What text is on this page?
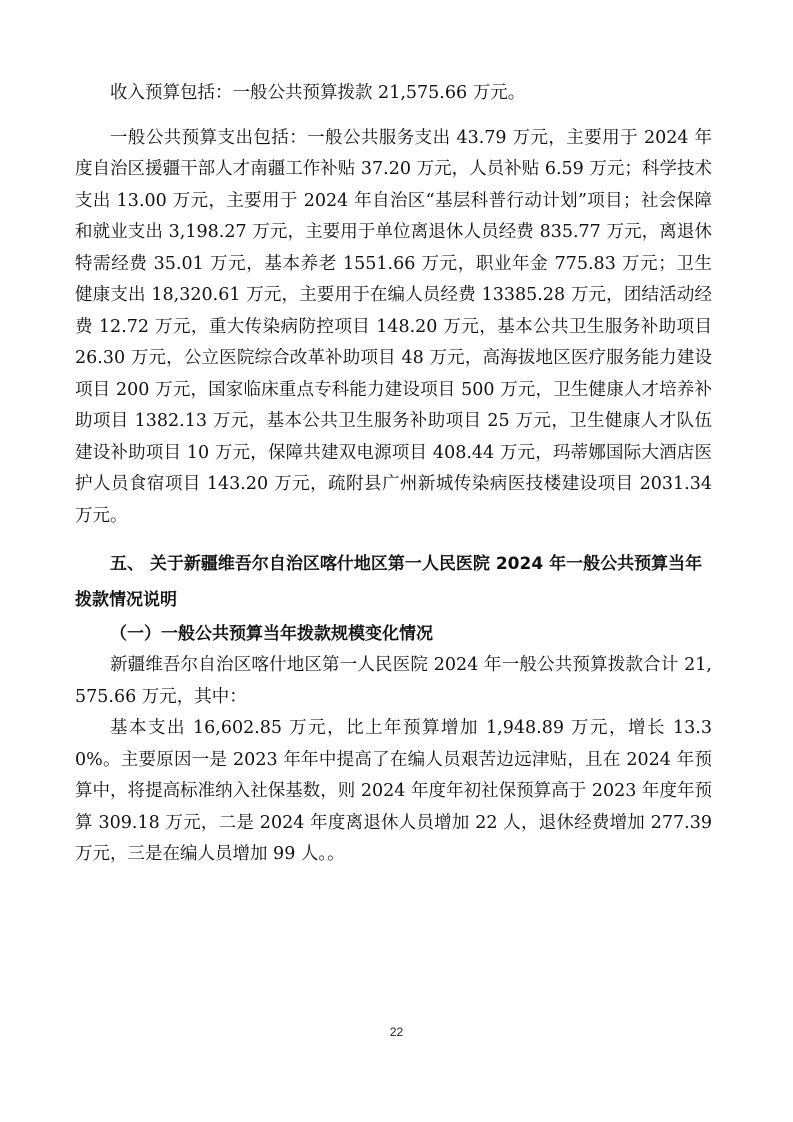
收入预算包括：一般公共预算拨款 21,575.66 万元。

一般公共预算支出包括：一般公共服务支出 43.79 万元，主要用于 2024 年度自治区援疆干部人才南疆工作补贴 37.20 万元，人员补贴 6.59 万元；科学技术支出 13.00 万元，主要用于 2024 年自治区“基层科普行动计划”项目；社会保障和就业支出 3,198.27 万元，主要用于单位离退休人员经费 835.77 万元，离退休特需经费 35.01 万元，基本养老 1551.66 万元，职业年金 775.83 万元；卫生健康支出 18,320.61 万元，主要用于在编人员经费 13385.28 万元，团结活动经费 12.72 万元，重大传染病防控项目 148.20 万元，基本公共卫生服务补助项目 26.30 万元，公立医院综合改革补助项目 48 万元，高海拔地区医疗服务能力建设项目 200 万元，国家临床重点专科能力建设项目 500 万元，卫生健康人才培养补助项目 1382.13 万元，基本公共卫生服务补助项目 25 万元，卫生健康人才队伍建设补助项目 10 万元，保障共建双电源项目 408.44 万元，玛蒂娜国际大酒店医护人员食宿项目 143.20 万元，疏附县广州新城传染病医技楼建设项目 2031.34 万元。

五、 关于新疆维吾尔自治区喀什地区第一人民医院 2024 年一般公共预算当年拨款情况说明

（一）一般公共预算当年拨款规模变化情况

新疆维吾尔自治区喀什地区第一人民医院 2024 年一般公共预算拨款合计 21,575.66 万元，其中：

基本支出 16,602.85 万元，比上年预算增加 1,948.89 万元，增长 13.30%。主要原因一是 2023 年年中提高了在编人员艰苦边远津贴，且在 2024 年预算中，将提高标准纳入社保基数，则 2024 年度年初社保预算高于 2023 年度年预算 309.18 万元，二是 2024 年度离退休人员增加 22 人，退休经费增加 277.39 万元，三是在编人员增加 99 人。。

22
